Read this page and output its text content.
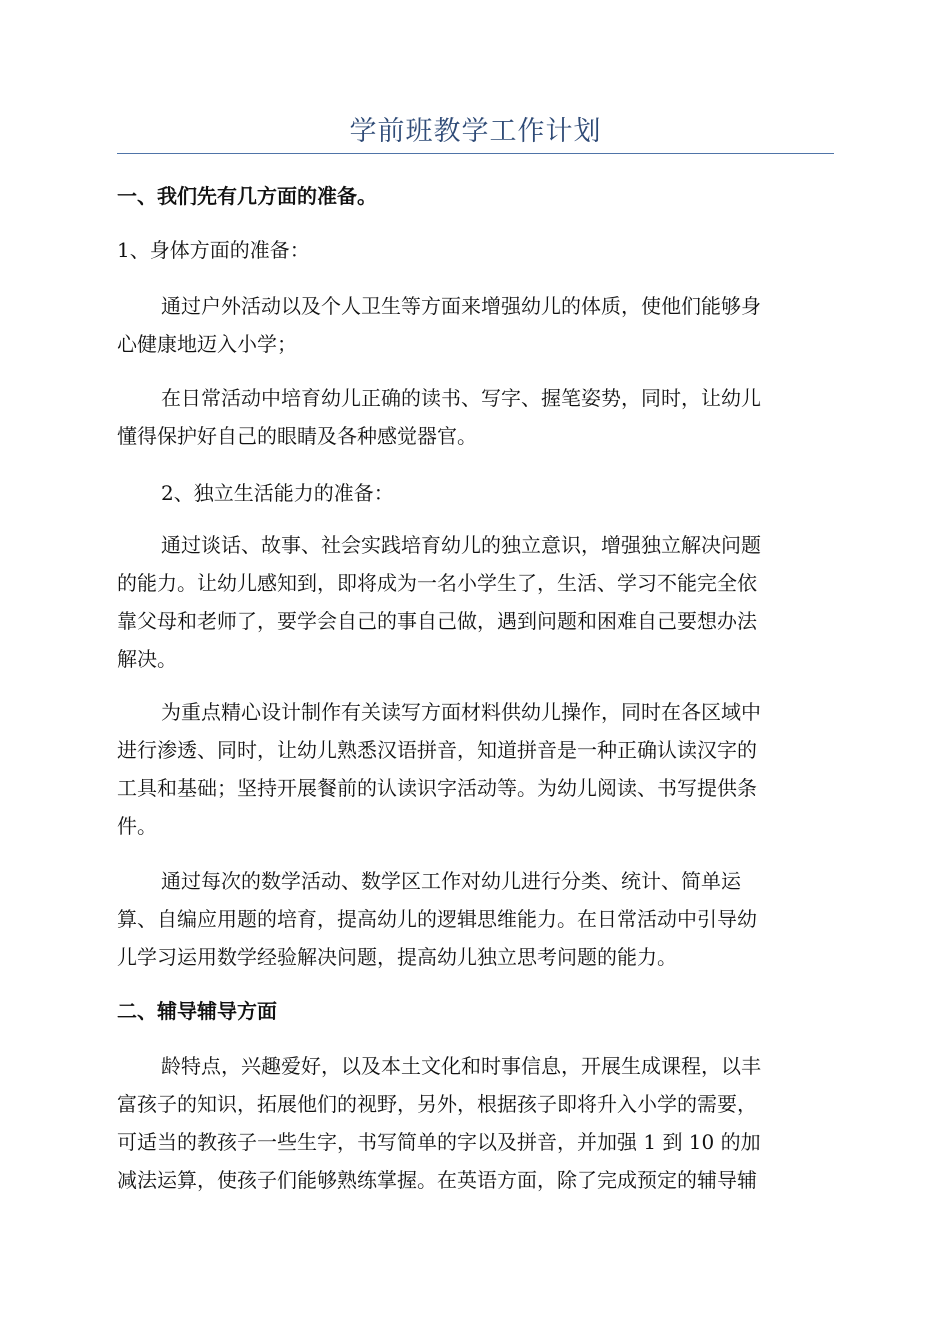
学前班教学工作计划
一、我们先有几方面的准备。
1、身体方面的准备：
通过户外活动以及个人卫生等方面来增强幼儿的体质，使他们能够身
心健康地迈入小学；
在日常活动中培育幼儿正确的读书、写字、握笔姿势，同时，让幼儿
懂得保护好自己的眼睛及各种感觉器官。
2、独立生活能力的准备：
通过谈话、故事、社会实践培育幼儿的独立意识，增强独立解决问题
的能力。让幼儿感知到，即将成为一名小学生了，生活、学习不能完全依
靠父母和老师了，要学会自己的事自己做，遇到问题和困难自己要想办法
解决。
为重点精心设计制作有关读写方面材料供幼儿操作，同时在各区域中
进行渗透、同时，让幼儿熟悉汉语拼音，知道拼音是一种正确认读汉字的
工具和基础；坚持开展餐前的认读识字活动等。为幼儿阅读、书写提供条
件。
通过每次的数学活动、数学区工作对幼儿进行分类、统计、简单运
算、自编应用题的培育，提高幼儿的逻辑思维能力。在日常活动中引导幼
儿学习运用数学经验解决问题，提高幼儿独立思考问题的能力。
二、辅导辅导方面
龄特点，兴趣爱好，以及本土文化和时事信息，开展生成课程，以丰
富孩子的知识，拓展他们的视野，另外，根据孩子即将升入小学的需要，
可适当的教孩子一些生字，书写简单的字以及拼音，并加强 1 到 10 的加
减法运算，使孩子们能够熟练掌握。在英语方面，除了完成预定的辅导辅
